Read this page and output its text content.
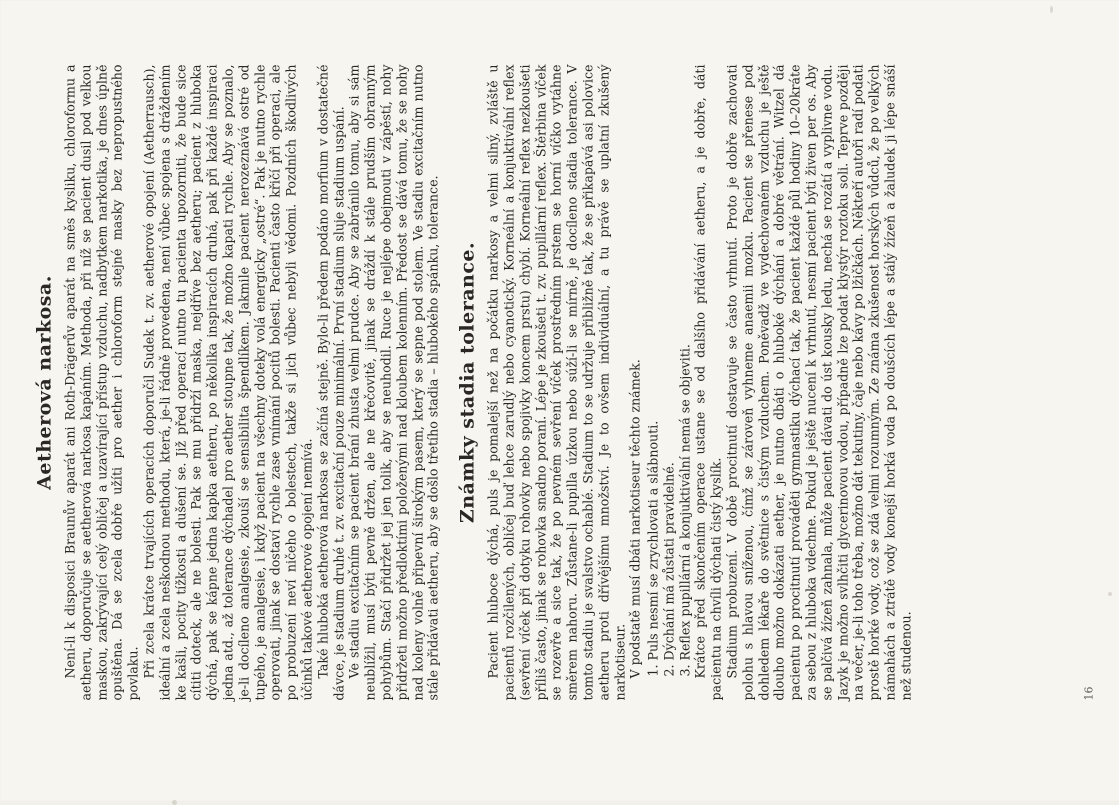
Aetherová narkosa. Není-li k disposici Braunův aparát ani Roth-Drägerův aparát na směs kysliku, chloroformu a aetheru, doporučuje se aetherová narkosa kapáním. Methoda, při níž se pacient dusil pod velkou maskou, zakrývající celý obličej a uzavírající přístup vzduchu, nadbytkem narkotika, je dnes úplně opuštěna. Dá se zcela dobře užíti pro aether i chloroform stejné masky bez nepropustného povlaku. Při zcela krátce trvajících operacích doporučil Sudek t. zv. aetherové opojení (Aetherrausch), ideální a zcela neškodnou methodu, která, je-li řádně provedena, není vůbec spojena s dráždením ke kašli, pocity tížkosti a dušení se. Již před operací nutno tu pacienta upozorniti, že bude sice cítiti doteck, ale ne bolesti. Pak se mu přidrží maska, nejdříve bez aetheru; pacient z hluboka dýchá, pak se kápne jedna kapka aetheru, po několika inspiracích druhá, pak při každé inspiraci jedna atd., až tolerance dýchadel pro aether stoupne tak, že možno kapati rychle. Aby se poznalo, je-li docíleno analgesie, zkouší se sensibilita špendlíkem. Jakmile pacient nerozeznává ostré od tupého, je analgesie, i když pacient na všechny doteky volá energicky „ostré“. Pak je nutno rychle operovati, jinak se dostaví rychle zase vnímání pocitů bolesti. Pacienti často křičí při operaci, ale po probuzení neví ničeho o bolestech, takže si jich vůbec nebyli vědomi. Pozdních škodlivých účinků takové aetherové opojení nemívá. Také hluboká aetherová narkosa se začíná stejně. Bylo-li předem podáno morfium v dostatečné dávce, je stadium druhé t. zv. excitační pouze minimální. První stadium sluje stadium uspání. Ve stadiu excitačním se pacient brání zhusta velmi prudce. Aby se zabránilo tomu, aby si sám neublížil, musí býti pevně držen, ale ne křečovitě, jinak se dráždí k stále prudším obranným pohybům. Stačí přidržet jej jen tolik, aby se neuhodil. Ruce je nejlépe obejmouti v zápěstí, nohy přidržeti možno předloktími položenými nad kloubem kolenním. Předost se dává tomu, že se nohy nad koleny volně připevní širokým pasem, který se sepne pod stolem. Ve stadiu excitačním nutno stále přidávati aetheru, aby se došlo třetího stadia – hlubokého spánku, tolerance. Známky stadia tolerance. Pacient hluboce dýchá, puls je pomalejší než na počátku narkosy a velmi silný, zvláště u pacientů rozčilených, obličej buď lehce zarudlý nebo cyanotický. Korneální a konjuktivální reflex (sevření víček při dotyku rohovky nebo spojivky koncem prstu) chybí. Korneální reflex nezkoušeti příliš často, jinak se rohovka snadno poraní. Lépe je zkoušeti t. zv. pupillární reflex. Štěrbina víček se rozevře a sice tak, že po pevném sevření víček prostředním prstem se horní víčko vytáhne směrem nahoru. Zůstane-li pupilla úzkou nebo súží-li se mírně, je docíleno stadia tolerance. V tomto stadiu je svalstvo ochablé. Stadium to se udržuje přibližně tak, že se přikapává asi polovice aetheru proti dřívějšímu množství. Je to ovšem individuální, a tu právě se uplatní zkušený narkotiseur. V podstatě musí dbáti narkotiseur těchto známek. 1. Puls nesmí se zrychlovati a slábnouti. 2. Dýchání má zůstati pravidelné. 3. Reflex pupillární a konjuktivální nemá se objeviti. Krátce před skončením operace ustane se od dalšího přidávání aetheru, a je dobře, dáti pacientu na chvíli dýchati čistý kyslík. Stadium probuzení. V době procitnutí dostavuje se často vrhnutí. Proto je dobře zachovati polohu s hlavou sníženou, čímž se zároveň vyhneme anaemii mozku. Pacient se přenese pod dohledem lékaře do světnice s čistým vzduchem. Poněvadž ve vydechovaném vzduchu je ještě dlouho možno dokázati aether, je nutno dbáti o hluboké dýchání a dobré větrání. Witzel dá pacientu po procitnutí prováděti gymnastiku dýchací tak, že pacient každé půl hodiny 10–20kráte za sebou z hluboka vdechne. Pokud je ještě nucení k vrhnutí, nesmí pacient býti živen per os. Aby se palčivá žízeň zahnala, může pacient dávati do úst kousky ledu, nechá se rozátí a vyplivne vodu. Jazyk je možno svlhčiti glycerinovou vodou, případně lze podat klystýr roztoku soli. Teprve později na večer, je-li toho třeba, možno dát tekutiny, čaje nebo kávy po lžičkách. Někteří autoři radí podati prostě horké vody, což se zdá velmi rozumným. Ze známa zkušenost horských vůdců, že po velkých námahách a ztrátě vody konejší horká voda po doušcích lépe a stálý žízeň a žaludek ji lépe snáší než studenou.	16
